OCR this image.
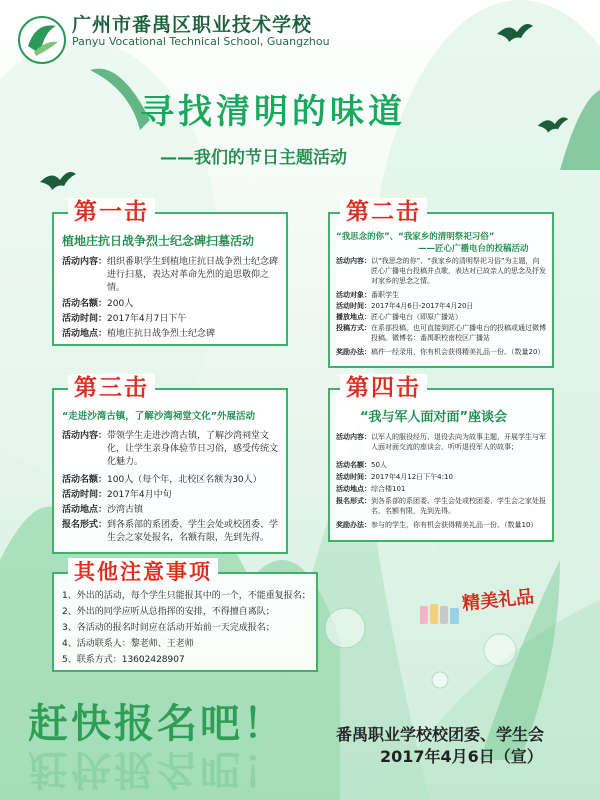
广州市番禺区职业技术学校
Panyu Vocational Technical School, Guangzhou
寻找清明的味道
——我们的节日主题活动
第一击
植地庄抗日战争烈士纪念碑扫墓活动
活动内容： 组织番职学生到植地庄抗日战争烈士纪念碑进行扫墓，表达对革命先烈的追思敬仰之情。
活动名额： 200人
活动时间： 2017年4月7日下午
活动地点： 植地庄抗日战争烈士纪念碑
第二击
“我思念的你”、“我家乡的清明祭祀习俗”
——匠心广播电台的投稿活动
活动内容： 以“我思念的你”、“我家乡的清明祭祀习俗”为主题，向匠心广播电台投稿并点歌，表达对已故亲人的思念及抒发对家乡的思念之情。
活动对象： 番职学生
活动时间： 2017年4月6日-2017年4月20日
播放地点： 匠心广播电台（即原广播站）
投稿方式： 在系部投稿，也可直接到匠心广播电台的投稿或通过微博投稿。微博名：番禺职校南校区广播站
奖励办法： 稿件一经录用，你有机会获得精美礼品一份。（数量20）
第三击
“走进沙湾古镇，了解沙湾祠堂文化”外展活动
活动内容： 带领学生走进沙湾古镇，了解沙湾祠堂文化，让学生亲身体验节日习俗，感受传统文化魅力。
活动名额： 100人（每个年，北校区名额为30人）
活动时间： 2017年4月中旬
活动地点： 沙湾古镇
报名形式： 到各系部的系团委、学生会处或校团委、学生会之家处报名，名额有限，先到先得。
第四击
“我与军人面对面”座谈会
活动内容： 以军人的服役经历、退役去向为故事主题，开展学生与军人面对面交流的座谈会，听听退役军人的故事；
活动名额： 50人
活动时间： 2017年4月12日下午4:10
活动地点： 综合楼101
报名形式： 到各系部的系团委、学生会处或校团委、学生会之家处报名，名额有限，先到先得。
奖励办法： 参与的学生，你有机会获得精美礼品一份。（数量10）
其他注意事项
1、外出的活动，每个学生只能报其中的一个，不能重复报名；
2、外出的同学应听从总指挥的安排，不得擅自离队；
3、各活动的报名时间应在活动开始前一天完成报名；
4、活动联系人：黎老师、王老师
5、联系方式：13602428907
精美礼品
赶快报名吧！
赶快报名吧！
番禺职业学校校团委、学生会
2017年4月6日（宣）
